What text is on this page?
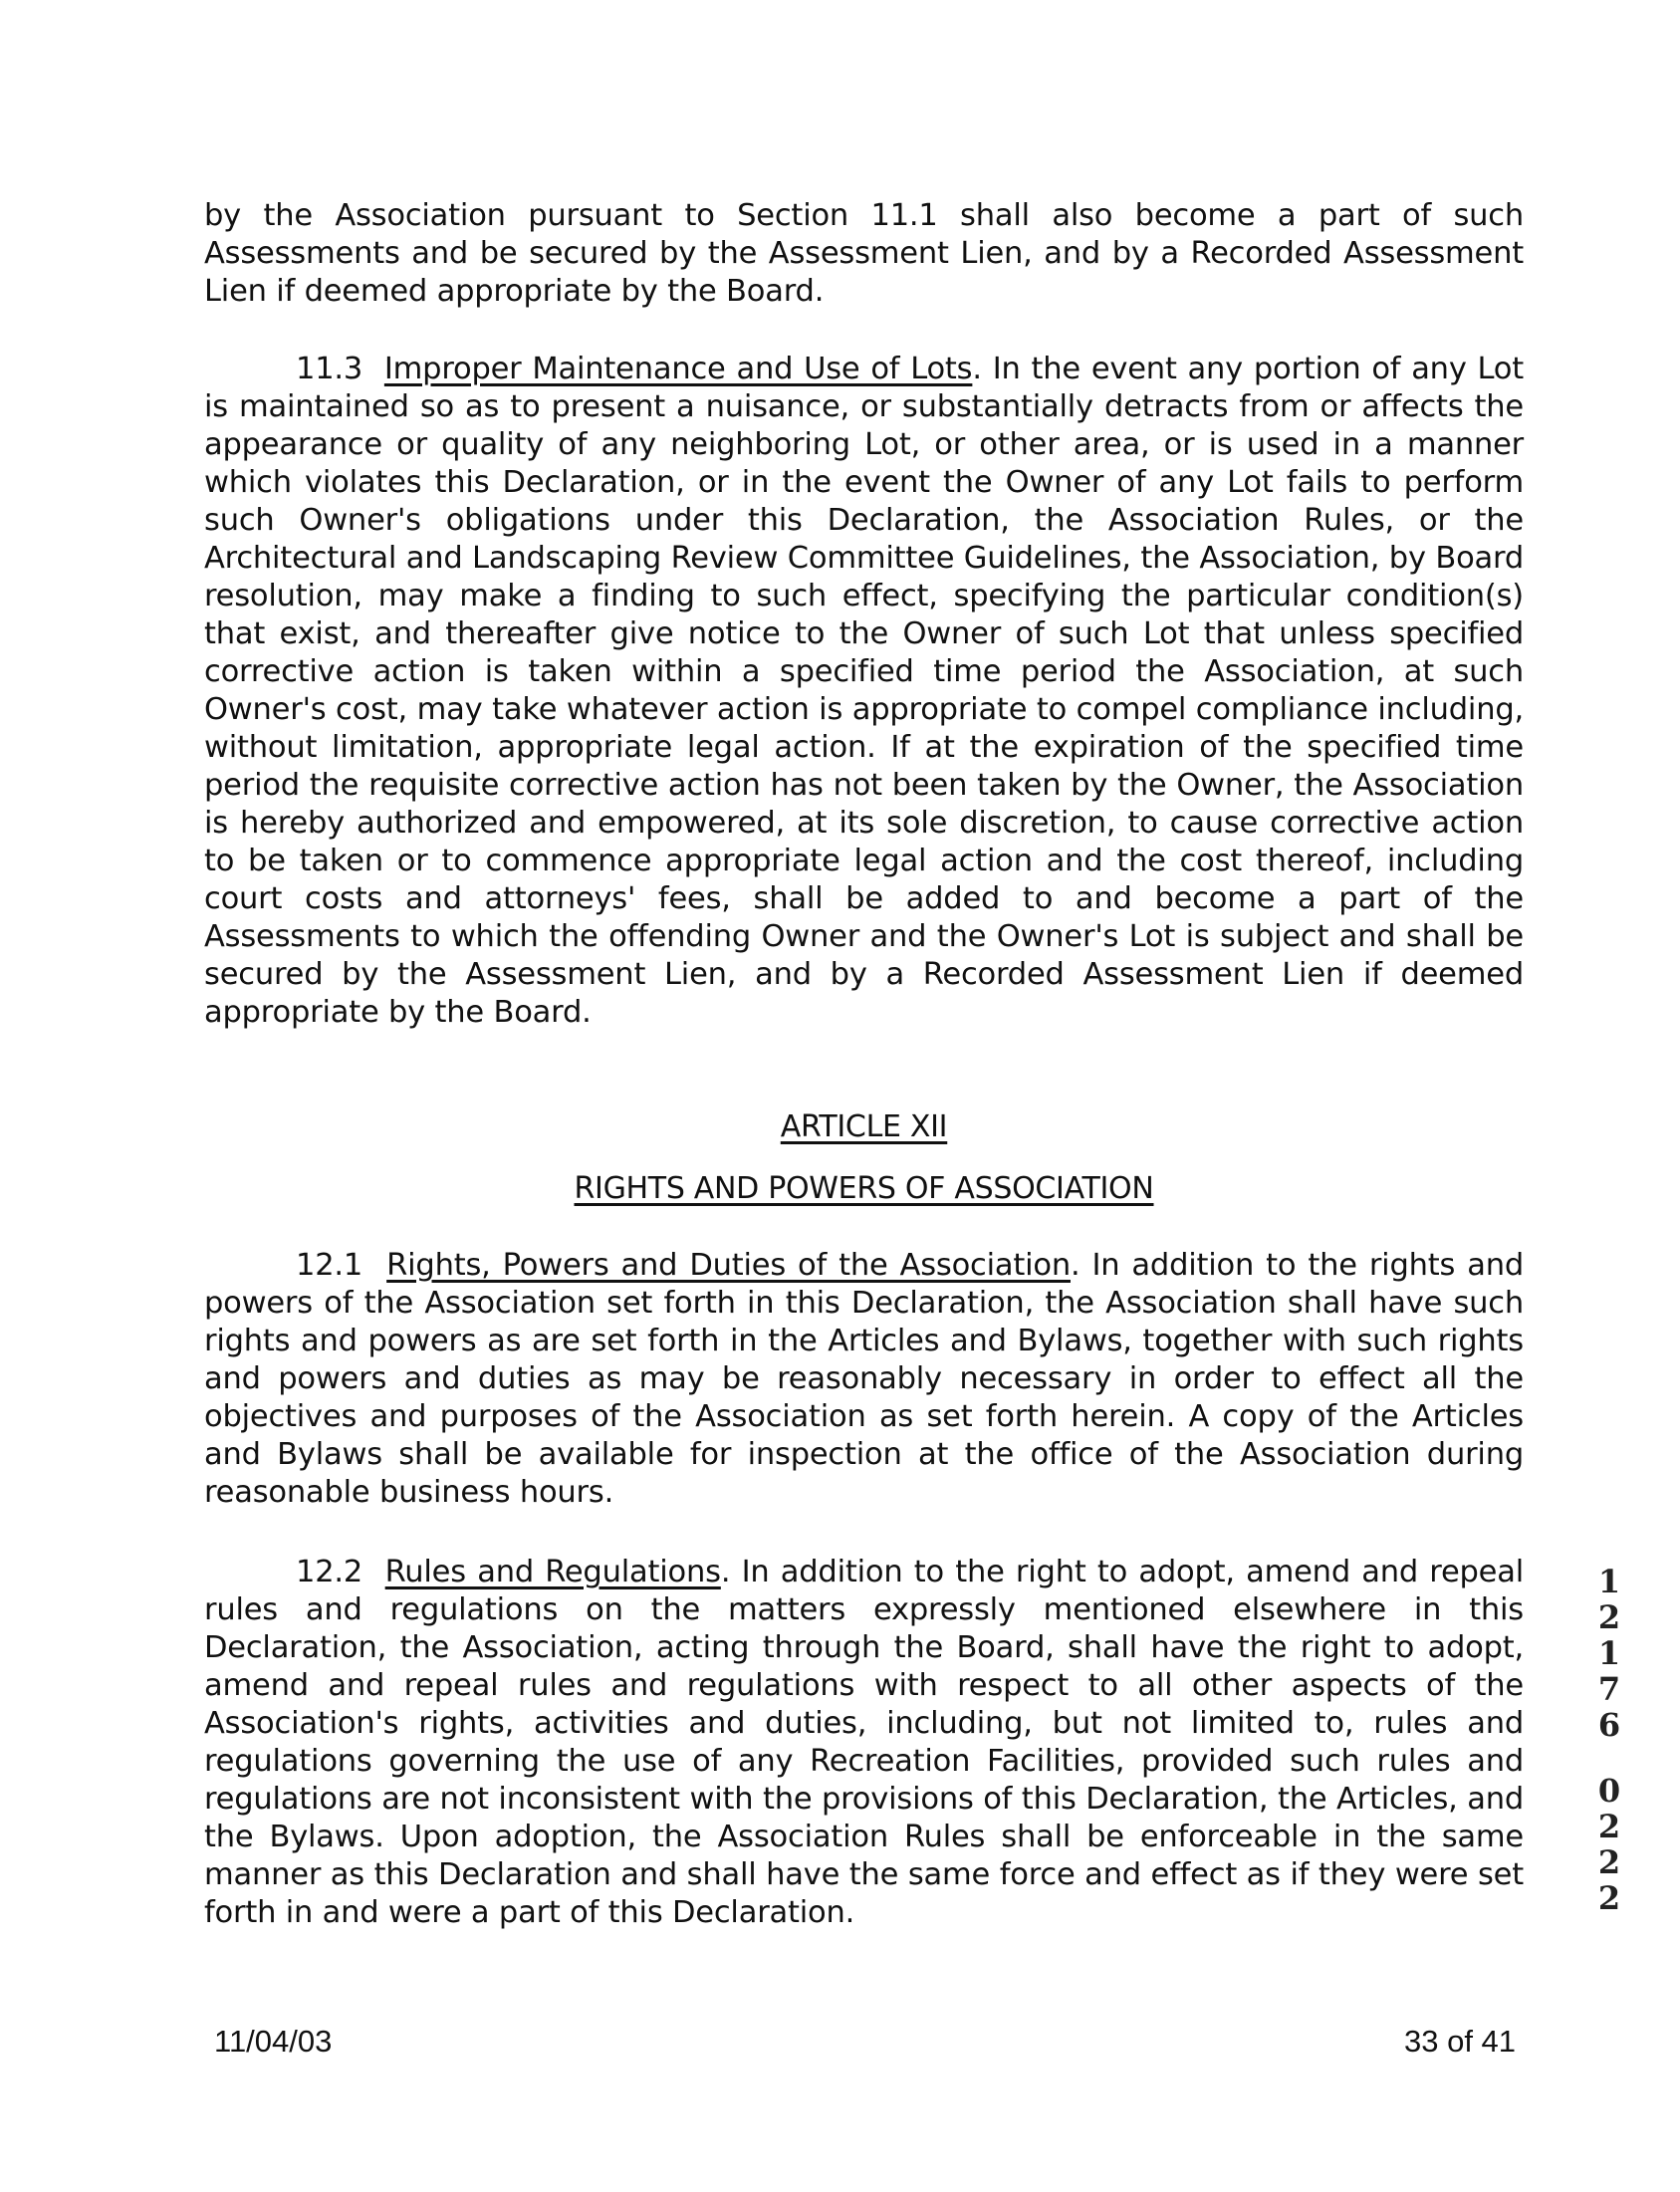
by the Association pursuant to Section 11.1 shall also become a part of such Assessments and be secured by the Assessment Lien, and by a Recorded Assessment Lien if deemed appropriate by the Board.

11.3 Improper Maintenance and Use of Lots. In the event any portion of any Lot is maintained so as to present a nuisance, or substantially detracts from or affects the appearance or quality of any neighboring Lot, or other area, or is used in a manner which violates this Declaration, or in the event the Owner of any Lot fails to perform such Owner's obligations under this Declaration, the Association Rules, or the Architectural and Landscaping Review Committee Guidelines, the Association, by Board resolution, may make a finding to such effect, specifying the particular condition(s) that exist, and thereafter give notice to the Owner of such Lot that unless specified corrective action is taken within a specified time period the Association, at such Owner's cost, may take whatever action is appropriate to compel compliance including, without limitation, appropriate legal action. If at the expiration of the specified time period the requisite corrective action has not been taken by the Owner, the Association is hereby authorized and empowered, at its sole discretion, to cause corrective action to be taken or to commence appropriate legal action and the cost thereof, including court costs and attorneys' fees, shall be added to and become a part of the Assessments to which the offending Owner and the Owner's Lot is subject and shall be secured by the Assessment Lien, and by a Recorded Assessment Lien if deemed appropriate by the Board.

ARTICLE XII

RIGHTS AND POWERS OF ASSOCIATION

12.1 Rights, Powers and Duties of the Association. In addition to the rights and powers of the Association set forth in this Declaration, the Association shall have such rights and powers as are set forth in the Articles and Bylaws, together with such rights and powers and duties as may be reasonably necessary in order to effect all the objectives and purposes of the Association as set forth herein. A copy of the Articles and Bylaws shall be available for inspection at the office of the Association during reasonable business hours.

12.2 Rules and Regulations. In addition to the right to adopt, amend and repeal rules and regulations on the matters expressly mentioned elsewhere in this Declaration, the Association, acting through the Board, shall have the right to adopt, amend and repeal rules and regulations with respect to all other aspects of the Association's rights, activities and duties, including, but not limited to, rules and regulations governing the use of any Recreation Facilities, provided such rules and regulations are not inconsistent with the provisions of this Declaration, the Articles, and the Bylaws. Upon adoption, the Association Rules shall be enforceable in the same manner as this Declaration and shall have the same force and effect as if they were set forth in and were a part of this Declaration.

11/04/03	33 of 41
1
2
1
7
6
0
2
2
2
